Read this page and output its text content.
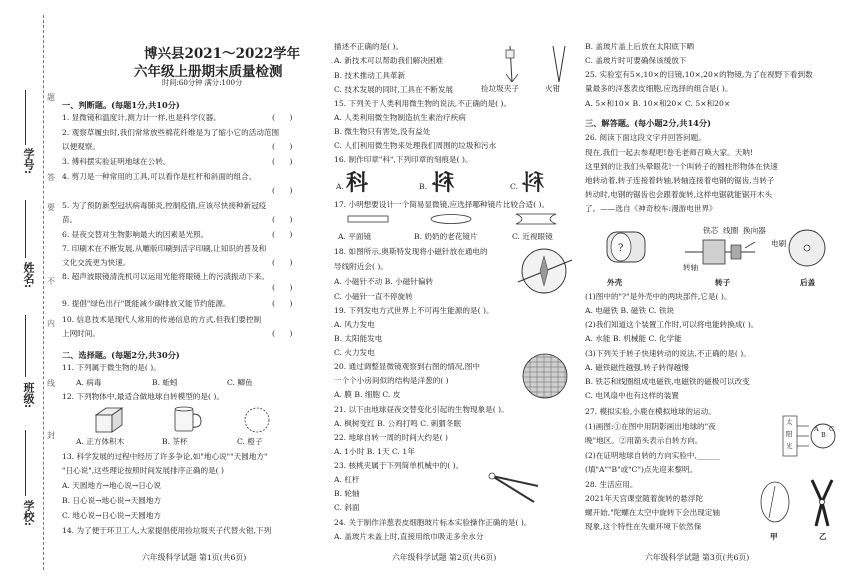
学号:
姓名:
班级:
学校:
题
答
要
不
内
线
封
博兴县2021～2022学年
六年级上册期末质量检测
时间:60分钟 满分:100分
一、判断题。(每题1分,共10分)
1. 显微镜和温度计,测力计一样,也是科学仪器。
2. 观察草履虫时,我们常常放些棉花纤维是为了缩小它的活动范围
以便观察。
3. 傅科摆实验证明地球在公转。
4. 剪刀是一种常用的工具,可以看作是杠杆和斜面的组合。
5. 为了预防新型冠状病毒肺炎,控制疫情,应该尽快接种新冠疫
苗。
6. 昼夜交替对生物影响最大的因素是光照。
7. 印刷术在不断发展,从雕版印刷到活字印刷,让知识的普及和
文化交流更为快速。
8. 超声波眼镜清洗机可以运用光能将眼镜上的污渍振动下来。
9. 提倡"绿色出行"既能减少碳排放又能节约能源。
10. 信息技术是现代人常用的传递信息的方式,但我们要控制
上网时间。
(      )
(      )
(      )
(      )
(      )
(      )
(      )
(      )
(      )
(      )
二、选择题。(每题2分,共30分)
11. 下列属于微生物的是( )。
A. 病毒	B. 蚯蚓	C. 鲫鱼
12. 下列物体中,最适合做地球自转模型的是( )。
A. 正方体积木	B. 茶杯	C. 橙子
13. 科学发展的过程中经历了许多争论,如"地心说""天圆地方"
"日心说",这些理论按照时间发展排序正确的是( )
A. 天圆地方→地心说→日心说
B. 日心说→地心说→天圆地方
C. 地心说→日心说→天圆地方
14. 为了便于环卫工人,大家提倡使用捡垃圾夹子代替火钳,下列
六年级科学试题 第1页(共6页)
描述不正确的是( )。
A. 新技术可以帮助我们解决困难
B. 技术推动工具革新
C. 技术发展的同时,工具在不断发展	捡垃圾夹子	火钳
15. 下列关于人类利用微生物的说法,不正确的是( )。
A. 人类利用微生物制造抗生素治疗疾病
B. 微生物只有害处,没有益处
C. 人们利用微生物来处理我们周围的垃圾和污水
16. 制作印章"科",下列印章的刻痕是( )。
A. 科	B. 科	C. 科
17. 小明想要设计一个简易显微镜,应选择哪种镜片比较合适( )。
A. 平面镜	B. 奶奶的老花镜片	C. 近视眼镜
18. 如图所示,奥斯特发现将小磁针放在通电的
导线附近会( )。
A. 小磁针不动 B. 小磁针偏转
C. 小磁针一直不停旋转
19. 下列发电方式世界上不可再生能源的是( )。
A. 风力发电
B. 太阳能发电
C. 火力发电
20. 通过调整显微镜观察到右图的情况,图中
一个个小房间似的结构是洋葱的( )
A. 膜 B. 细胞 C. 皮
21. 以下由地球昼夜交替变化引起的生物现象是( )。
A. 枫树变红 B. 公鸡打鸣 C. 刺猬冬眠
22. 地球自转一周的时间大约是( )
A. 1小时 B. 1天 C. 1年
23. 核桃夹属于下列简单机械中的( )。
A. 杠杆
B. 轮轴
C. 斜面
24. 关于制作洋葱表皮细胞玻片标本实验操作正确的是( )。
A. 盖玻片未盖上时,直接用纸巾吸走多余水分
六年级科学试题 第2页(共6页)
B. 盖玻片盖上后放在太阳底下晒
C. 盖玻片时可要确保该缓放下
25. 实验室有5×,10×的目镜,10×,20×的物镜,为了在视野下看到数
量最多的洋葱表皮细胞,应选择的组合是( )。
A. 5×和10× B. 10×和20× C. 5×和20×
三、解答题。(每小题2分,共14分)
26. 阅读下面这段文字并回答问题。
现在,我们一起去参观吧!卷毛老师召唤大家。天呐!
这里到的让我们头晕眼花!一个叫转子的圆柱形物体在快速
地转动着,转子连接着转轴,转轴连接着电钢的锯齿,当转子
转动时,电钢的锯齿也会跟着旋转,这样电锯就能锯开木头
了。——选自《神奇校车:漫游电世界》
?
铁芯 线圈 换向器
电刷
转轴
外壳	转子	后盖
(1)图中的"?"是外壳中的两块部件,它是( )。
A. 电磁铁 B. 磁铁 C. 铁块
(2)我们知道这个装置工作时,可以将电能转换成( )。
A. 水能 B. 机械能 C. 化学能
(3)下列关于转子快速转动的说法,不正确的是( )。
A. 磁铁磁性越强,转子转得越慢
B. 铁芯和线圈组成电磁铁,电磁铁的磁极可以改变
C. 电风扇中也有这样的装置
27. 模拟实验,小鹿在模拟地球的运动。
(1)画图:①在图中用阴影画出地球的"夜
晚"地区。②用箭头表示自转方向。
(2)在证明地球自转的方向实验中,______
(填"A""B"或"C")点先迎来黎明。
太
阳
光
A
B
C
28. 生活应用。
2021年天宫课堂随着旋转的悬浮陀
螺开始,"陀螺在太空中旋转下会出现定轴
现象,这个特性在失重环境下依然保
甲	乙
六年级科学试题 第3页(共6页)
